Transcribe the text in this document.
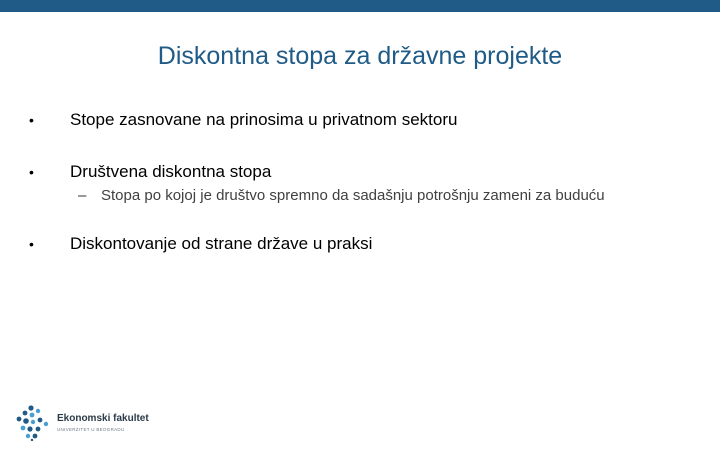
Diskontna stopa za državne projekte
• Stope zasnovane na prinosima u privatnom sektoru
• Društvena diskontna stopa
– Stopa po kojoj je društvo spremno da sadašnju potrošnju zameni za buduću
• Diskontovanje od strane države u praksi
Ekonomski fakultet
UNIVERZITET U BEOGRADU
